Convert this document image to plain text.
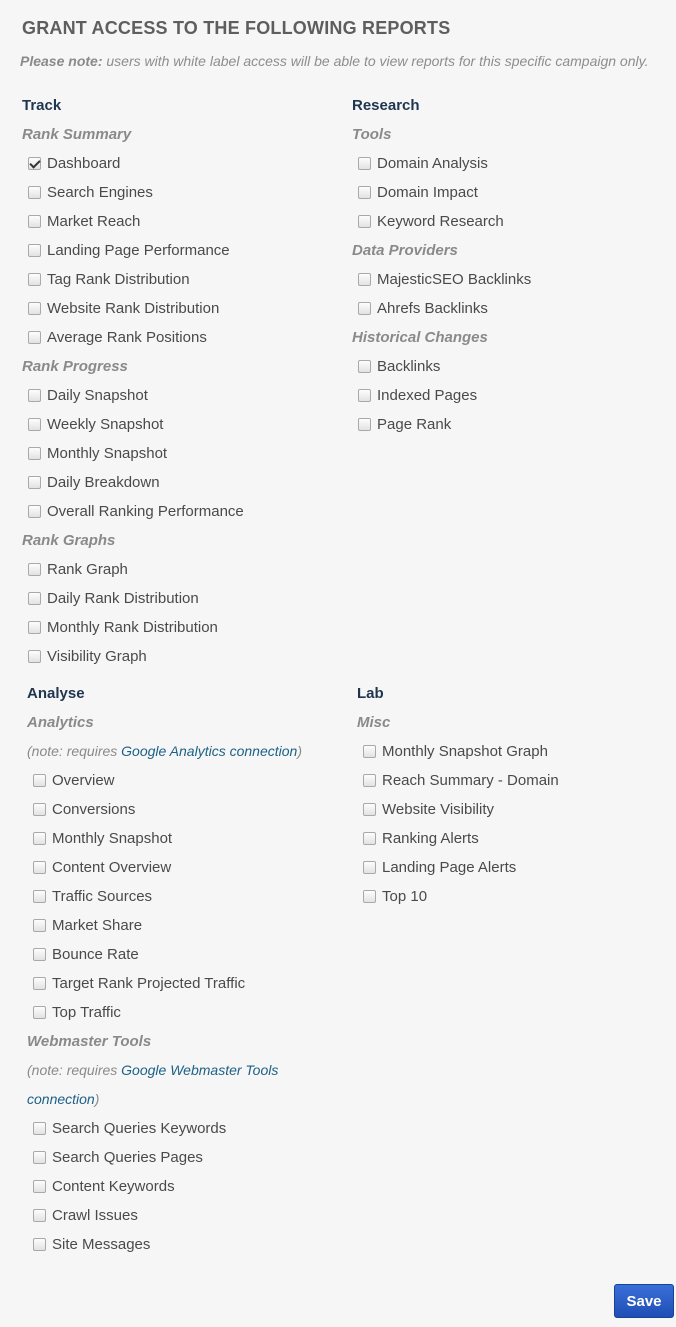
GRANT ACCESS TO THE FOLLOWING REPORTS
Please note: users with white label access will be able to view reports for this specific campaign only.
Track
Rank Summary
Dashboard
Search Engines
Market Reach
Landing Page Performance
Tag Rank Distribution
Website Rank Distribution
Average Rank Positions
Rank Progress
Daily Snapshot
Weekly Snapshot
Monthly Snapshot
Daily Breakdown
Overall Ranking Performance
Rank Graphs
Rank Graph
Daily Rank Distribution
Monthly Rank Distribution
Visibility Graph
Research
Tools
Domain Analysis
Domain Impact
Keyword Research
Data Providers
MajesticSEO Backlinks
Ahrefs Backlinks
Historical Changes
Backlinks
Indexed Pages
Page Rank
Analyse
Analytics
(note: requires Google Analytics connection)
Overview
Conversions
Monthly Snapshot
Content Overview
Traffic Sources
Market Share
Bounce Rate
Target Rank Projected Traffic
Top Traffic
Webmaster Tools
(note: requires Google Webmaster Tools
connection)
Search Queries Keywords
Search Queries Pages
Content Keywords
Crawl Issues
Site Messages
Lab
Misc
Monthly Snapshot Graph
Reach Summary - Domain
Website Visibility
Ranking Alerts
Landing Page Alerts
Top 10
Save
